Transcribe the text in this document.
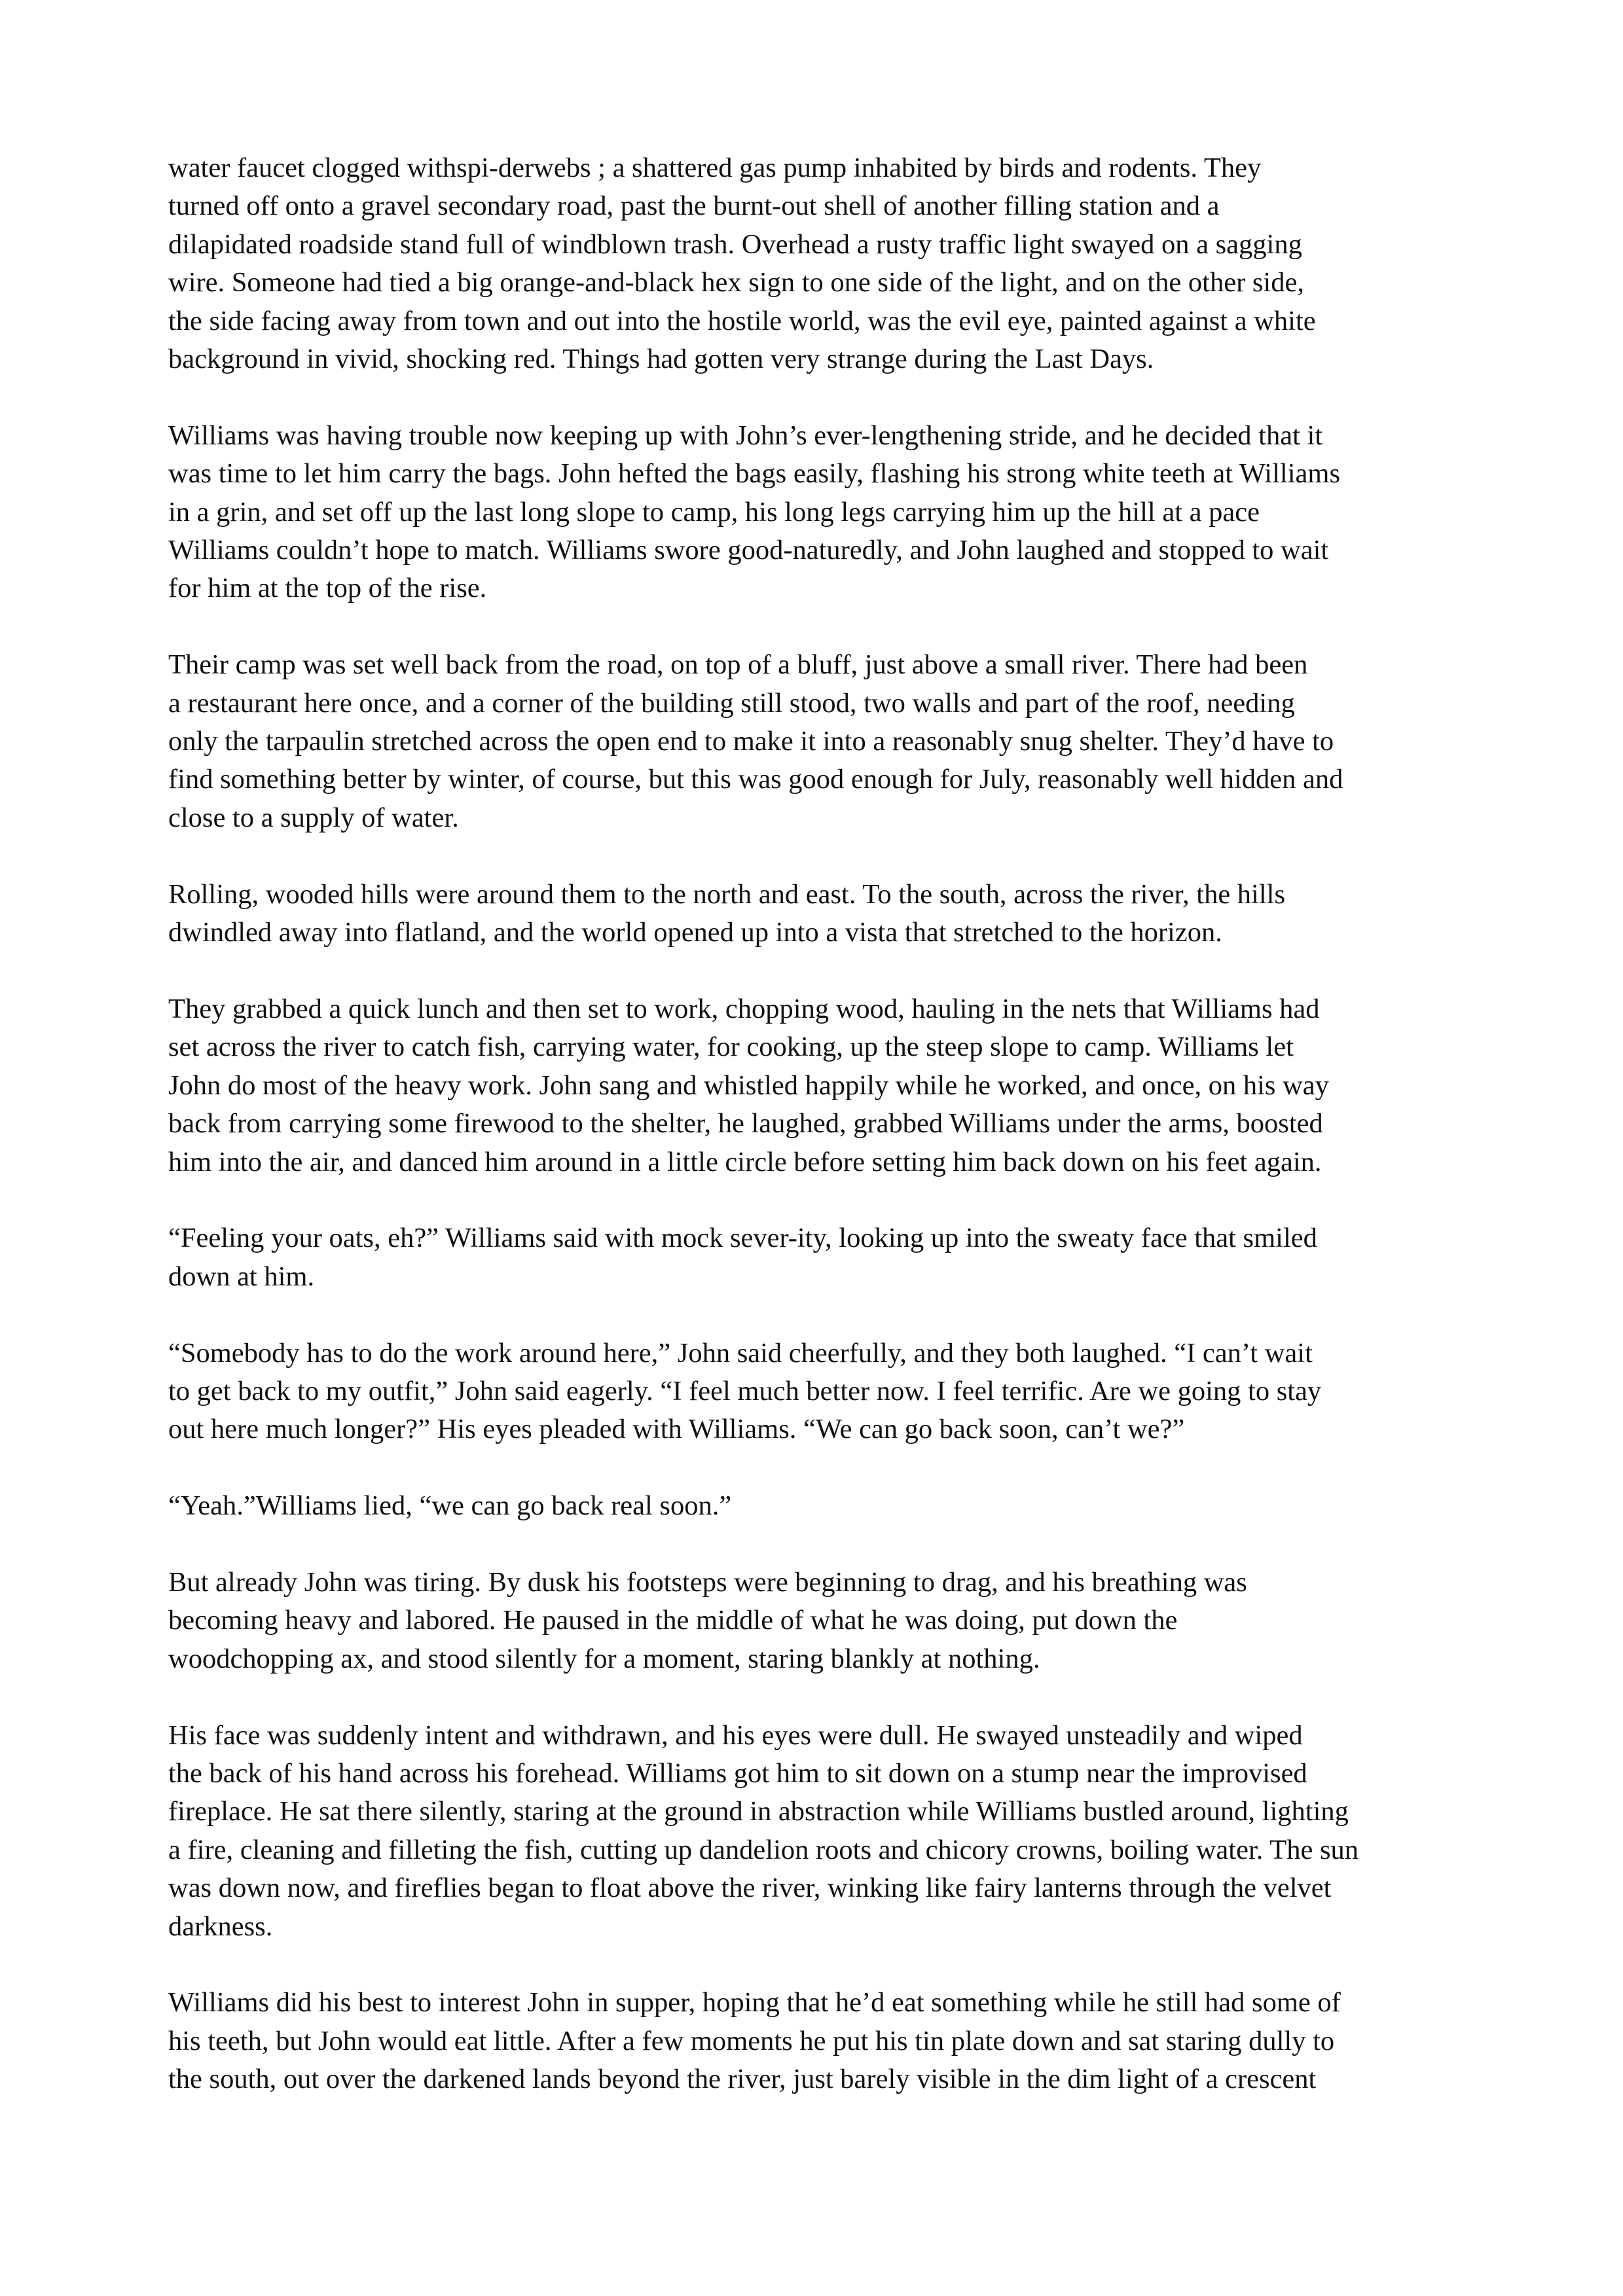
water faucet clogged withspi-derwebs ; a shattered gas pump inhabited by birds and rodents. They
turned off onto a gravel secondary road, past the burnt-out shell of another filling station and a
dilapidated roadside stand full of windblown trash. Overhead a rusty traffic light swayed on a sagging
wire. Someone had tied a big orange-and-black hex sign to one side of the light, and on the other side,
the side facing away from town and out into the hostile world, was the evil eye, painted against a white
background in vivid, shocking red. Things had gotten very strange during the Last Days.

Williams was having trouble now keeping up with John’s ever-lengthening stride, and he decided that it
was time to let him carry the bags. John hefted the bags easily, flashing his strong white teeth at Williams
in a grin, and set off up the last long slope to camp, his long legs carrying him up the hill at a pace
Williams couldn’t hope to match. Williams swore good-naturedly, and John laughed and stopped to wait
for him at the top of the rise.

Their camp was set well back from the road, on top of a bluff, just above a small river. There had been
a restaurant here once, and a corner of the building still stood, two walls and part of the roof, needing
only the tarpaulin stretched across the open end to make it into a reasonably snug shelter. They’d have to
find something better by winter, of course, but this was good enough for July, reasonably well hidden and
close to a supply of water.

Rolling, wooded hills were around them to the north and east. To the south, across the river, the hills
dwindled away into flatland, and the world opened up into a vista that stretched to the horizon.

They grabbed a quick lunch and then set to work, chopping wood, hauling in the nets that Williams had
set across the river to catch fish, carrying water, for cooking, up the steep slope to camp. Williams let
John do most of the heavy work. John sang and whistled happily while he worked, and once, on his way
back from carrying some firewood to the shelter, he laughed, grabbed Williams under the arms, boosted
him into the air, and danced him around in a little circle before setting him back down on his feet again.

“Feeling your oats, eh?” Williams said with mock sever-ity, looking up into the sweaty face that smiled
down at him.

“Somebody has to do the work around here,” John said cheerfully, and they both laughed. “I can’t wait
to get back to my outfit,” John said eagerly. “I feel much better now. I feel terrific. Are we going to stay
out here much longer?” His eyes pleaded with Williams. “We can go back soon, can’t we?”

“Yeah.”Williams lied, “we can go back real soon.”

But already John was tiring. By dusk his footsteps were beginning to drag, and his breathing was
becoming heavy and labored. He paused in the middle of what he was doing, put down the
woodchopping ax, and stood silently for a moment, staring blankly at nothing.

His face was suddenly intent and withdrawn, and his eyes were dull. He swayed unsteadily and wiped
the back of his hand across his forehead. Williams got him to sit down on a stump near the improvised
fireplace. He sat there silently, staring at the ground in abstraction while Williams bustled around, lighting
a fire, cleaning and filleting the fish, cutting up dandelion roots and chicory crowns, boiling water. The sun
was down now, and fireflies began to float above the river, winking like fairy lanterns through the velvet
darkness.

Williams did his best to interest John in supper, hoping that he’d eat something while he still had some of
his teeth, but John would eat little. After a few moments he put his tin plate down and sat staring dully to
the south, out over the darkened lands beyond the river, just barely visible in the dim light of a crescent
